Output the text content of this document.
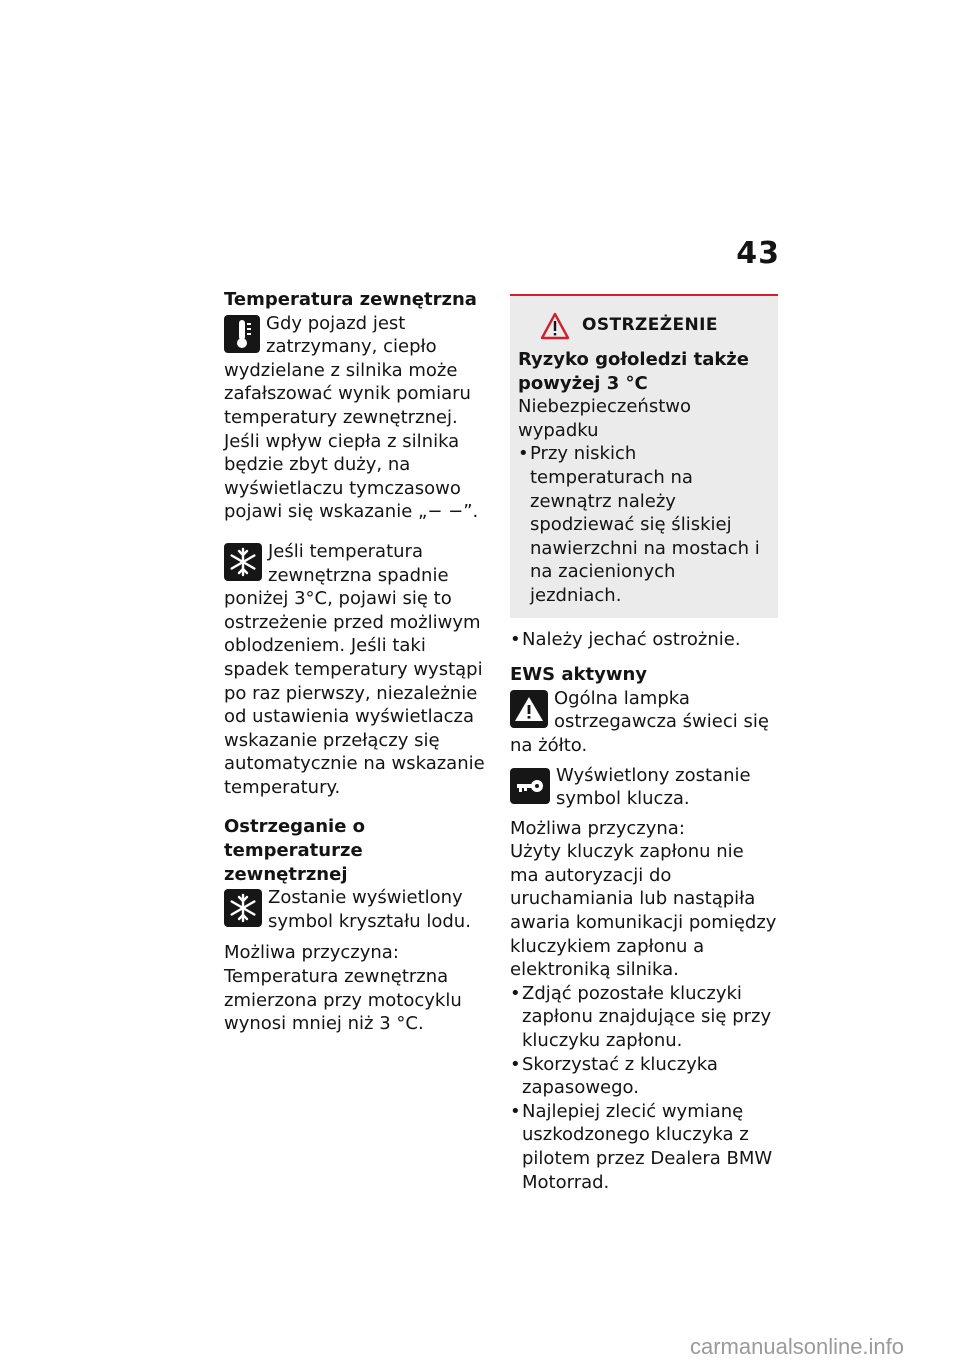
43
Temperatura zewnętrzna

Gdy pojazd jest zatrzymany, ciepło wydzielane z silnika może zafałszować wynik pomiaru temperatury zewnętrznej. Jeśli wpływ ciepła z silnika będzie zbyt duży, na wyświetlaczu tymczasowo pojawi się wskazanie „− −”.

Jeśli temperatura zewnętrzna spadnie poniżej 3°C, pojawi się to ostrzeżenie przed możliwym oblodzeniem. Jeśli taki spadek temperatury wystąpi po raz pierwszy, niezależnie od ustawienia wyświetlacza wskazanie przełączy się automatycznie na wskazanie temperatury.

Ostrzeganie o temperaturze zewnętrznej

Zostanie wyświetlony symbol kryształu lodu.

Możliwa przyczyna:

Temperatura zewnętrzna zmierzona przy motocyklu wynosi mniej niż 3 °C.

OSTRZEŻENIE
Ryzyko gołoledzi także powyżej 3 °C

Niebezpieczeństwo wypadku

• Przy niskich temperaturach na zewnątrz należy spodziewać się śliskiej nawierzchni na mostach i na zacienionych jezdniach.
• Należy jechać ostrożnie.
EWS aktywny

Ogólna lampka ostrzegawcza świeci się na żółto.

Wyświetlony zostanie symbol klucza.

Możliwa przyczyna:

Użyty kluczyk zapłonu nie ma autoryzacji do uruchamiania lub nastąpiła awaria komunikacji pomiędzy kluczykiem zapłonu a elektroniką silnika.

• Zdjąć pozostałe kluczyki zapłonu znajdujące się przy kluczyku zapłonu.
• Skorzystać z kluczyka zapasowego.
• Najlepiej zlecić wymianę uszkodzonego kluczyka z pilotem przez Dealera BMW Motorrad.
carmanualsonline.info
